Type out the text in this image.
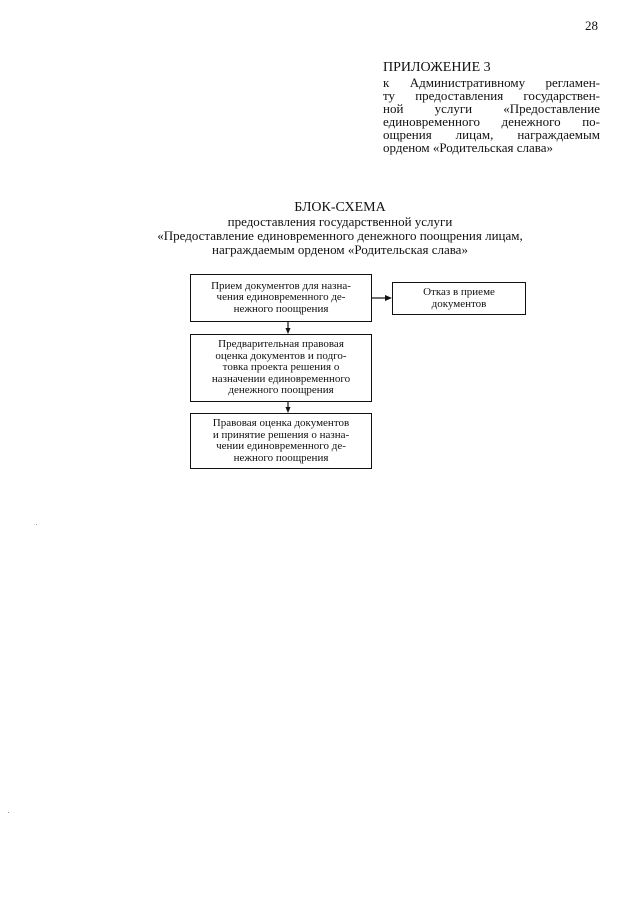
28
ПРИЛОЖЕНИЕ 3
к Административному регламен-
ту предоставления государствен-
ной услуги «Предоставление
единовременного денежного по-
ощрения лицам, награждаемым
орденом «Родительская слава»
БЛОК-СХЕМА
предоставления государственной услуги
«Предоставление единовременного денежного поощрения лицам,
награждаемым орденом «Родительская слава»
Прием документов для назна-
чения единовременного де-
нежного поощрения
Отказ в приеме
документов
Предварительная правовая
оценка документов и подго-
товка проекта решения о
назначении единовременного
денежного поощрения
Правовая оценка документов
и принятие решения о назна-
чении единовременного де-
нежного поощрения
